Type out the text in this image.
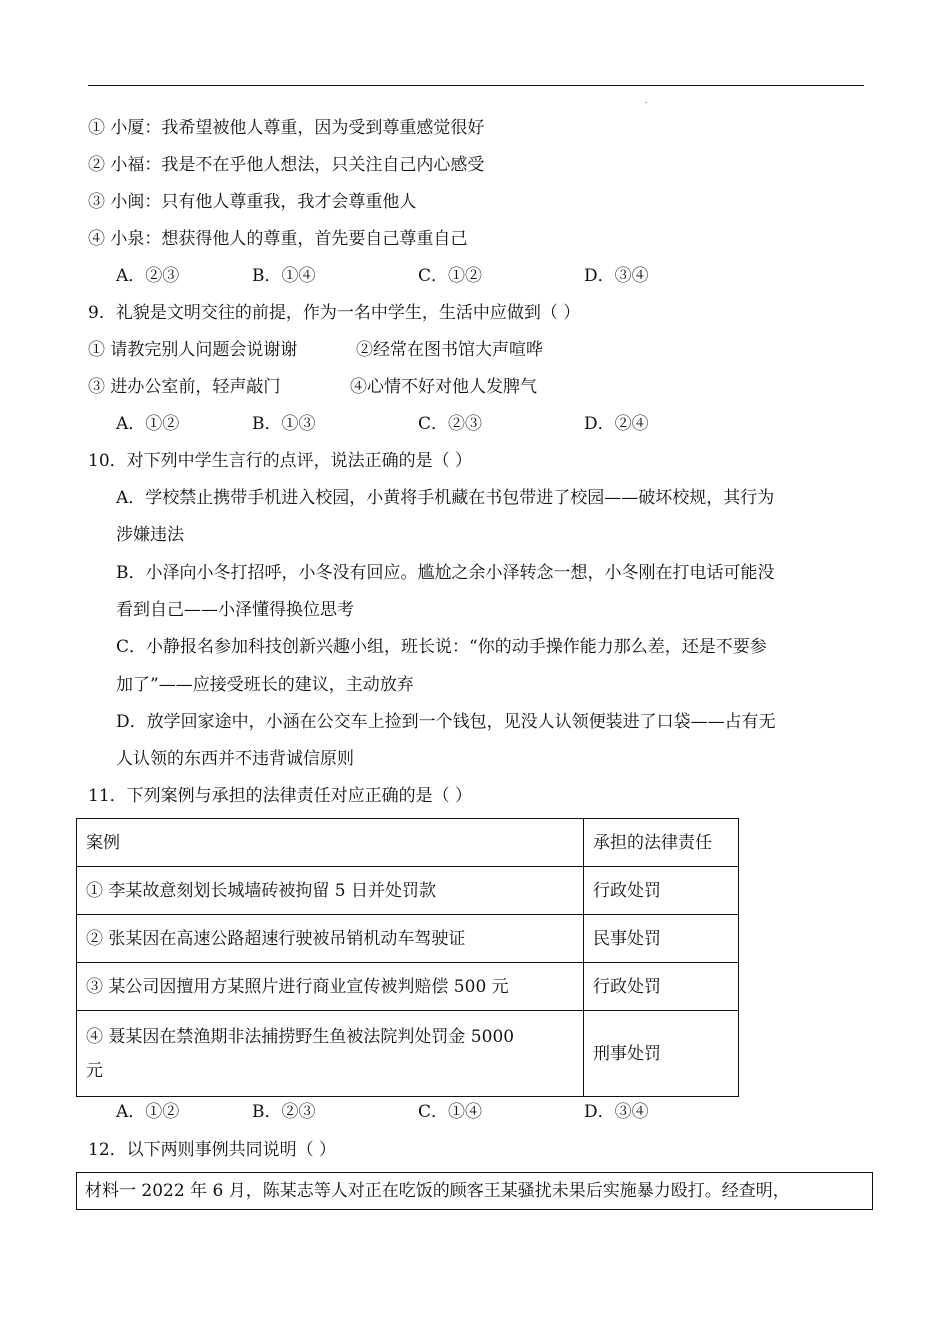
.
① 小厦：我希望被他人尊重，因为受到尊重感觉很好
② 小福：我是不在乎他人想法，只关注自己内心感受
③ 小闽：只有他人尊重我，我才会尊重他人
④ 小泉：想获得他人的尊重，首先要自己尊重自己
A．②③	B．①④	C．①②	D．③④
9．礼貌是文明交往的前提，作为一名中学生，生活中应做到（ ）
① 请教完别人问题会说谢谢	②经常在图书馆大声喧哗
③ 进办公室前，轻声敲门	④心情不好对他人发脾气
A．①②	B．①③	C．②③	D．②④
10．对下列中学生言行的点评，说法正确的是（ ）
A．学校禁止携带手机进入校园，小黄将手机藏在书包带进了校园——破坏校规，其行为
涉嫌违法
B．小泽向小冬打招呼，小冬没有回应。尴尬之余小泽转念一想，小冬刚在打电话可能没
看到自己——小泽懂得换位思考
C．小静报名参加科技创新兴趣小组，班长说：“你的动手操作能力那么差，还是不要参
加了”——应接受班长的建议，主动放弃
D．放学回家途中，小涵在公交车上捡到一个钱包，见没人认领便装进了口袋——占有无
人认领的东西并不违背诚信原则
11．下列案例与承担的法律责任对应正确的是（ ）
案例	承担的法律责任
① 李某故意刻划长城墙砖被拘留 5 日并处罚款	行政处罚
② 张某因在高速公路超速行驶被吊销机动车驾驶证	民事处罚
③ 某公司因擅用方某照片进行商业宣传被判赔偿 500 元	行政处罚

④ 聂某因在禁渔期非法捕捞野生鱼被法院判处罚金 5000
元	刑事处罚
A．①②	B．②③	C．①④	D．③④
12．以下两则事例共同说明（ ）
材料一 2022 年 6 月，陈某志等人对正在吃饭的顾客王某骚扰未果后实施暴力殴打。经查明，
